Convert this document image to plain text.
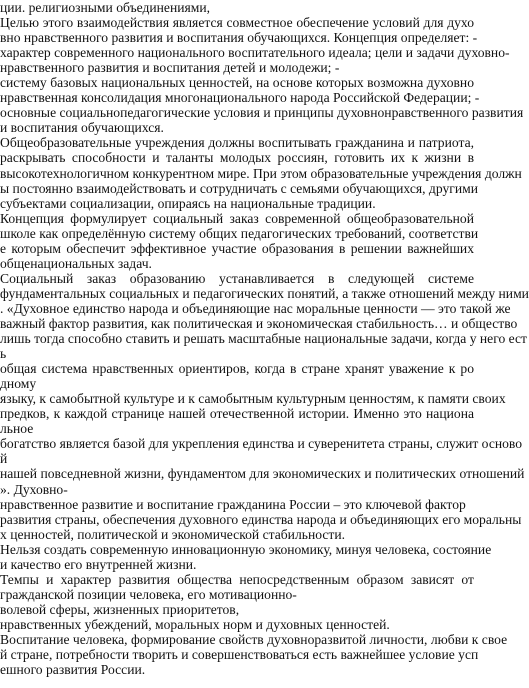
ции. религиозными объединениями,
Целью этого взаимодействия является совместное обеспечение условий для духо
вно нравственного развития и воспитания обучающихся. Концепция определяет: -
характер современного национального воспитательного идеала; цели и задачи духовно-
нравственного развития и воспитания детей и молодежи; -
систему базовых национальных ценностей, на основе которых возможна духовно
нравственная консолидация многонационального народа Российской Федерации; -
основные социальнопедагогические условия и принципы духовнонравственного развития
и воспитания обучающихся.
Общеобразовательные учреждения должны воспитывать гражданина и патриота,
раскрывать способности и таланты молодых россиян, готовить их к жизни в
высокотехнологичном конкурентном мире. При этом образовательные учреждения должн
ы постоянно взаимодействовать и сотрудничать с семьями обучающихся, другими
субъектами социализации, опираясь на национальные традиции.
Концепция формулирует социальный заказ современной общеобразовательной
школе как определённую систему общих педагогических требований, соответстви
е которым обеспечит эффективное участие образования в решении важнейших
общенациональных задач.
Социальный заказ образованию устанавливается в следующей системе
фундаментальных социальных и педагогических понятий, а также отношений между ними
. «Духовное единство народа и объединяющие нас моральные ценности — это такой же
важный фактор развития, как политическая и экономическая стабильность… и общество
лишь тогда способно ставить и решать масштабные национальные задачи, когда у него ест
ь
общая система нравственных ориентиров, когда в стране хранят уважение к ро
дному
языку, к самобытной культуре и к самобытным культурным ценностям, к памяти своих
предков, к каждой странице нашей отечественной истории. Именно это национа
льное
богатство является базой для укрепления единства и суверенитета страны, служит осново
й
нашей повседневной жизни, фундаментом для экономических и политических отношений
». Духовно-
нравственное развитие и воспитание гражданина России – это ключевой фактор
развития страны, обеспечения духовного единства народа и объединяющих его моральны
х ценностей, политической и экономической стабильности.
Нельзя создать современную инновационную экономику, минуя человека, состояние
и качество его внутренней жизни.
Темпы и характер развития общества непосредственным образом зависят от
гражданской позиции человека, его мотивационно-
волевой сферы, жизненных приоритетов,
нравственных убеждений, моральных норм и духовных ценностей.
Воспитание человека, формирование свойств духовноразвитой личности, любви к свое
й стране, потребности творить и совершенствоваться есть важнейшее условие усп
ешного развития России.
